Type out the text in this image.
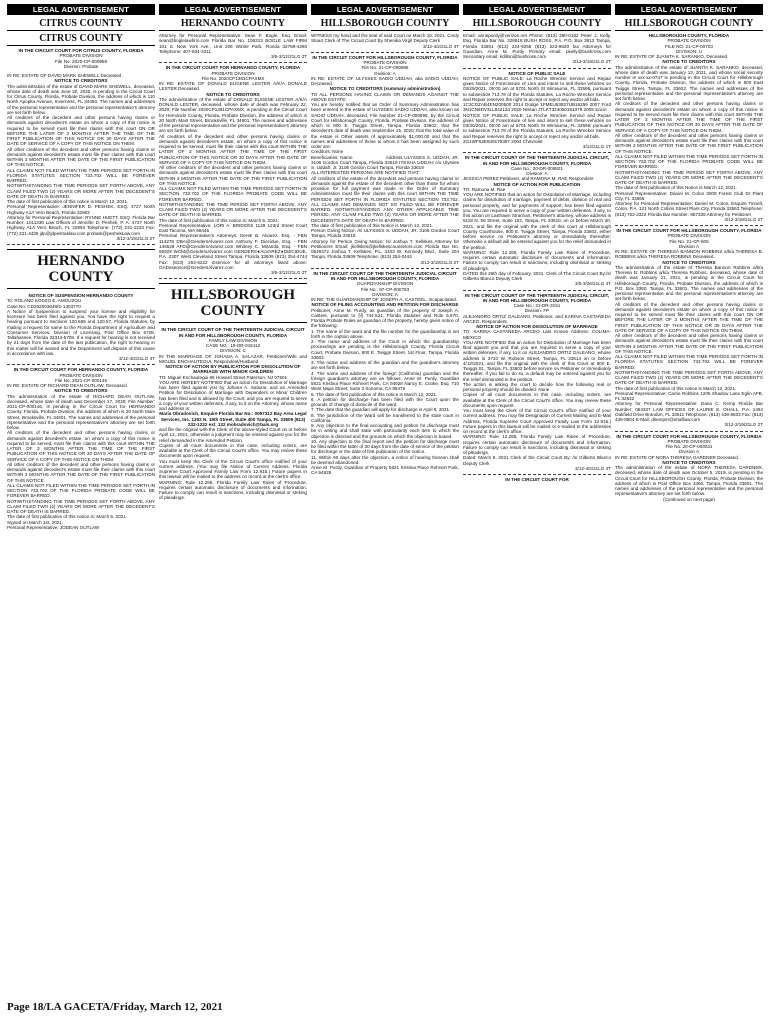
LEGAL ADVERTISEMENT
CITRUS COUNTY
CITRUS COUNTY
IN THE CIRCUIT COURT FOR CITRUS COUNTY, FLORIDA
PROBATE DIVISION
File No. 2020-CP-000958
Division: Probate
IN RE: ESTATE OF DAVID MARK SHEWELL Deceased.
NOTICE TO CREDITORS
The administration of the estate of DAVID MARK SHEWELL, deceased, whose date of death was June 30, 2020, is pending in the Circuit Court for Citrus County, Florida, Probate Division, the address of which is 110 North Apopka Avenue, Inverness, FL 34450. The names and addresses of the personal representative and the personal representative's attorney are set forth below.
All creditors of the decedent and other persons having claims or demands against decedent's estate on whom a copy of this notice is required to be served must file their claims with this court ON OR BEFORE THE LATER OF 3 MONTHS AFTER THE TIME OF THE FIRST PUBLICATION OF THIS NOTICE OR 30 DAYS AFTER THE DATE OF SERVICE OF A COPY OF THIS NOTICE ON THEM.
All other creditors of the decedent and other persons having claims or demands against decedent's estate must file their claims with this court WITHIN 3 MONTHS AFTER THE DATE OF THE FIRST PUBLICATION OF THIS NOTICE.
ALL CLAIMS NOT FILED WITHIN THE TIME PERIODS SET FORTH IN FLORIDA STATUTES SECTION 733.702 WILL BE FOREVER BARRED.
NOTWITHSTANDING THE TIME PERIODS SET FORTH ABOVE, ANY CLAIM FILED TWO (2) YEARS OR MORE AFTER THE DECEDENT'S DATE OF DEATH IS BARRED.
The date of first publication of this notice is March 12, 2021.
Personal Representative: JENNIFER D. PESHEK, ESQ. 4727 North Highway A1A Vero Beach, Florida 32963
Attorney for Personal Representative: RYNNE HUETT, ESQ. Florida Bar Number: 1011330 Law Offices of Jennifer D. Peshek, P. A. 4727 North Highway A1A Vero Beach, FL 32963 Telephone: (772) 231-1233 Fax: (772) 231-4435 jdp@jdpeshaklaw.com probate@peshekLaw.com
3/12-3/19/21LG 2T
HERNANDO COUNTY
NOTICE OF SUSPENSION HERNANDO COUNTY
To: ROLAND KODZO E. AMOUZOU
Case No: CD202003648/D 1403770
A Notice of Suspension to suspend your license and eligibility for licensure has been filed against you. You have the right to request a hearing pursuant to Sections 120.569 and 120.57, Florida Statutes, by mailing a request for same to the Florida Department of Agriculture and Consumer Services, Division of Licensing, Post Office Box 5708, Tallahassee, Florida 32314-5708. If a request for hearing is not received by 21 days from the date of the last publication, the right to hearing in this matter will be waived and the Department will dispose of this cause in accordance with law.
3/12-4/2/21LG 4T
IN THE CIRCUIT COURT FOR HERNANDO COUNTY, FLORIDA
PROBATE DIVISION
File No. 2021-CP-000146
IN RE: ESTATE OF RICHARD DEAN OUTLAW, Deceased.
NOTICE TO CREDITORS
The administration of the estate of RICHARD DEAN OUTLAW, deceased, whose date of death was December 17, 2020; File Number: 2021-CP-000146, is pending in the Circuit Court for HERNANDO County, Florida, Probate Division, the address of which is 20 North Main Street, Brooksville, FL 34601. The names and addresses of the personal representative and the personal representative's attorney are set forth below.
All creditors of the decedent and other persons having claims or demands against decedent's estate, on whom a copy of this notice is required to be served, must file their claims with this court WITHIN THE LATER OF 3 MONTHS AFTER THE TIME OF THE FIRST PUBLICATION OF THIS NOTICE OR 30 DAYS AFTER THE DATE OF SERVICE OF A COPY OF THIS NOTICE ON THEM.
All other creditors of the decedent and other persons having claims or demands against decedent's estate must file their claims with this court WITHIN 3 MONTHS AFTER THE DATE OF THE FIRST PUBLICATION OF THIS NOTICE.
ALL CLAIMS NOT FILED WITHIN THE TIME PERIODS SET FORTH IN SECTION 733.702 OF THE FLORIDA PROBATE CODE WILL BE FOREVER BARRED.
NOTWITHSTANDING THE TIME PERIODS SET FORTH ABOVE, ANY CLAIM FILED TWO (2) YEARS OR MORE AFTER THE DECEDENT'S DATE OF DEATH IS BARRED.
The date of first publication of this notice is: March 5, 2021.
Signed on March 1st, 2021.
Personal Representative: JODEAN OUTLAW
LEGAL ADVERTISEMENT
HERNANDO COUNTY
Attorney for Personal Representative: Sean F. Bogle, Esq. Email: sean@boglelawfirm.com Florida Bar No. 106313 BOGLE LAW FIRM 101 S. New York Ave., Unit 205 Winter Park, Florida 32789-4290 Telephone: 407-834-3311
3/5-3/12/21LG 2T
IN THE CIRCUIT COURT FOR HERNANDO COUNTY, FLORIDA
PROBATE DIVISION
File No. 2020CP1381CPAXMX
IN RE: ESTATE OF DONALD EUGENE LESTER A/K/A DONALD LESTER Deceased.
NOTICE TO CREDITORS
The administration of the estate of DONALD EUGENE LESTER A/K/A DONALD LESTER, deceased, whose date of death was February 22, 2020; File Number 2020CP1381CPAXMX, is pending in the Circuit Court for Hernando County, Florida, Probate Division, the address of which is 20 North Main Street, Brooksville, FL 34601. The names and addresses of the personal representative and the personal representative's attorney are set forth below.
All creditors of the decedent and other persons having claims or demands against decedent's estate, on whom a copy of this notice is required to be served, must file their claims with this court WITHIN THE LATER OF 3 MONTHS AFTER THE TIME OF THE FIRST PUBLICATION OF THIS NOTICE OR 30 DAYS AFTER THE DATE OF SERVICE OF A COPY OF THIS NOTICE ON THEM.
All other creditors of the decedent and other persons having claims or demands against decedent's estate must file their claims with this court WITHIN 3 MONTHS AFTER THE DATE OF THE FIRST PUBLICATION OF THIS NOTICE.
ALL CLAIMS NOT FILED WITHIN THE TIME PERIODS SET FORTH IN SECTION 733.702 OF THE FLORIDA PROBATE CODE WILL BE FOREVER BARRED.
NOTWITHSTANDING THE TIME PERIOD SET FORTH ABOVE, ANY CLAIM FILED TWO (2) YEARS OR MORE AFTER THE DECEDENT'S DATE OF DEATH IS BARRED.
The date of first publication of this notice is: March 5, 2021.
Personal Representative: LORI A. BRIDGES 1129 123rd Street Court East Tacoma, WA 98445
Personal Representative's Attorneys: Derek B. Alvarez, Esq. - FBN 114278 DBA@GendersAlvarez.com Anthony F. Diecidue, Esq. - FBN 146528 AFD@GendersAlvarez.com Whitney C. Miranda, Esq. - FBN 65928 WCM@GendersAlvarez.com GENDERS♦ALVAREZ♦DIECIDUE, P.A. 2307 West Cleveland Street Tampa, Florida 33609 (813) 254-4744  Fax: (813) 254-5222 Eservice for all attorneys listed above: GADeservice@GendersAlvarez.com
3/5-3/12/21LG 2T
HILLSBOROUGH COUNTY
IN THE CIRCUIT COURT OF THE THIRTEENTH JUDICIAL CIRCUIT IN AND FOR HILLSBOROUGH COUNTY, FLORIDA
FAMILY LAW DIVISION
CASE NO.: 19-DR-016112
DIVISION: C
IN THE MARRIAGE OF JOHANA A. SALAZAR, Petitioner/Wife and MIGUEL ENCHAUTEGUI, Respondent/Husband.
NOTICE OF ACTION BY PUBLICATION FOR DISSOLUTION OF MARRIAGE WITH MINOR CHILDREN
TO: Miguel Enchautegui 65 Howard Street Paterson, NJ 07501
YOU ARE HEREBY NOTIFIED that an action for Dissolution of Marriage has been filed against you by Johana A. Salazar, and an Amended Petition for Dissolution of Marriage with Dependent or Minor Children has been filed and is allowed by the Court, and you are required to serve a copy of your written defenses, if any, to it on the Attorney, whose name and address is:
Maria Obradovich, Esquire Florida Bar No.: 0097312 Bay Area Legal Services, Inc. 1302 N. 19th Street, Suite 400 Tampa, FL 33605 (813) 232-1222 ext. 132 mobradovich@bals.org
and file the original with the Clerk of the above-styled Court on or before April 12, 2021, otherwise a judgment may be entered against you for the relief demanded in the Amended Petition.
Copies of all court documents in this case, including orders, are available at the Clerk of the Circuit Court's office. You may review these documents upon request.
You must keep the Clerk of the Circuit Court's office notified of your current address. (You may file Notice of Current Address, Florida Supreme Court Approved Family Law Form 12.915.) Future papers in this lawsuit will be mailed to the address on record at the clerk's office.
WARNING: Rule 12.285, Florida Family Law Rules of Procedure, requires certain automatic disclosure of documents and information. Failure to comply can result in sanctions, including dismissal or striking of pleadings.
LEGAL ADVERTISEMENT
HILLSBOROUGH COUNTY
WITNESS my hand and the seal of said Court on March 10, 2021. Cindy Stuart Clerk of The Circuit Court By Shenika Virgil Deputy Clerk
3/12-4/2/21LG 4T
IN THE CIRCUIT COURT FOR HILLSBOROUGH COUNTY, FLORIDA
PROBATE DIVISION
File No. 21-CP-000695
Division: A
IN RE: ESTATE OF ULYSSES SADIO UDDAH, aka SADIO UDDAH, Deceased.
NOTICE TO CREDITORS (summary administration)
TO ALL PERSONS HAVING CLAIMS OR DEMANDS AGAINST THE ABOVE ESTATE:
You are hereby notified that an Order of Summary Administration has been entered in the estate of ULYSSES SADIO UDDAH, also known as SADIO UDDAH, deceased, File Number 21-CP-000695, by the Circuit Court for Hillsborough County, Florida, Probate Division, the address of which is 800 E. Twiggs Street, Tampa, Florida 33602; that the decedent's date of death was September 15, 2020; that the total value of the estate is Other assets of approximately $1,000.00 and that the names and addresses of those to whom it has been assigned by such order are:
Creditors: None
Beneficiaries: Name                    Address ULYSSES S. UDDAH, JR. 3106 Gordon Court Tampa, Florida 33619 IYESHA UDDAH c/o Ulysses S. Uddah, Jr. 3106 Gordon Court Tampa, Florida 33619
ALL INTERESTED PERSONS ARE NOTIFIED THAT:
All creditors of the estate of the decedent and persons having claims or demands against the estate of the decedent other than those for whom provision for full payment was made in the Order of Summary Administration must file their claims with this court WITHIN THE TIME PERIODS SET FORTH IN FLORIDA STATUTES SECTION 733.702. ALL CLAIMS AND DEMANDS NOT SO FILED WILL BE FOREVER BARRED. NOTWITHSTANDING ANY OTHER APPLICABLE TIME PERIOD, ANY CLAIM FILED TWO (2) YEARS OR MORE AFTER THE DECEDENT'S DATE OF DEATH IS BARRED.
The date of first publication of this Notice is March 12, 2021.
Person Giving Notice: /s/ ULYSSES S. UDDAH, JR. 3106 Gordon Court Tampa, Florida 33619
Attorney for Person Giving Notice: /s/ Joshua T. Kellskes Attorney for Petitioners Email: jkellskes@jkellskescounselors.com Florida Bar No. 0548472 Joshua T. Kellskes, P.L. 3333 W. Kennedy Blvd., Suite 204 Tampa, Florida 33609 Telephone: (813) 254-0444
3/12-3/19/21LG 2T
IN THE CIRCUIT COURT OF THE THIRTEENTH JUDICIAL CIRCUIT IN AND FOR HILLSBOROUGH COUNTY, FLORIDA
GUARDIANSHIP DIVISION
File No.: 97-CP-000783
DIVISION: A
IN RE: THE GUARDIANSHIP OF JOSEPH A. CASTEEL, Incapacitated.
NOTICE OF FILING ACCOUNTING AND PETITION FOR DISCHARGE
Petitioner, Anne M. Purdy, as guardian of the property of Joseph A. Casteel, pursuant to §§ 744.524, Florida Statutes and Rule 5.670, Florida Probate Rules as guardian of the property, hereby gives notice of the following:
1. The name of the ward and the file number for the guardianship is set forth in the caption above.
2. The name and address of the Court in which the guardianship proceedings are pending is the Hillsborough County, Florida Circuit Court, Probate Division, 800 E. Twiggs Street, 1st Floor, Tampa, Florida 33602.
3. The name and address of the guardian and the guardian's attorney are set forth below.
4. The name and address of the foreign (California) guardian and the foreign guardian's attorney are as follows: Anne M. Purdy, Guardian 5821 Kristina Place Rohnert Park, CA 94928 Nancy E. Cooke, Esq. 710 West Napa Street, Suite 3 Sonoma, CA 95476
5. The date of first publication of this notice is March 12, 2021.
6. A petition for discharge has been filed with the Court upon the grounds of change of domicile of the ward.
7. The date that the guardian will apply for discharge is April 8, 2021.
8. The jurisdiction of the Ward will be transferred to the state court in California.
9. Any objection to the final accounting and petition for discharge must be in writing and shall state with particularity each item to which the objection is directed and the grounds on which the objection is based.
10. Any objection to the final report and the petition for discharge must be filed within the latter of 30 days from the date of service of the petition for discharge or the date of first publication of the notice.
11. Within 90 days after the objection, a notice of hearing thereon shall be deemed abandoned.
Anne M. Purdy, Guardian of Property 5821 Kristina Place Rohnert Park, CA 94928
LEGAL ADVERTISEMENT
HILLSBOROUGH COUNTY
Email: annepurdy@verizon.net Phone: (813) 390-0162 Peter J. Kelly, Esq. Florida Bar No. 328618 BUSH ROSS, P.A. P.O. Box 3913 Tampa, Florida 33601 (813) 224-9255 (813) 223-9620 fax Attorneys for Guardian, Anne M. Purdy Primary email: pkelly@bushross.com Secondary email: kdillon@bushross.com
3/12-3/19/21LG 2T
NOTICE OF PUBLIC SALE
NOTICE OF PUBLIC SALE: La Roche Wrecker Service and Repair gives Notice of Foreclosure of Lien and intent to sell these vehicles on 03/29/2021, 09:00 am at 5701 North St Wimauma, FL 33598, pursuant to subsection 713.78 of the Florida Statutes. La Roche Wrecker Service and Repair reserves the right to accept or reject any and/or all bids.
1C3CDZAB4EN200500 2014 Dodge 1FMEU63827UB16256 2007 Ford 3N1CN8DV3LL842134 2020 Nissan JTLKT324050181379 2005 Scion
NOTICE OF PUBLIC SALE: La Roche Wrecker Service and Repair gives Notice of Foreclosure of lien and intent to sell these vehicles on 03/30/2021, 09:00 am at 5701 North St Wimauma, FL 33598, pursuant to subsection 713.78 of the Florida Statutes. La Roche Wrecker Service and Repair reserves the right to accept or reject any and/or all bids.
2G1WF52E849178367 2004 Chevrolet
3/12/21LG 1T
IN THE CIRCUIT COURT OF THE THIRTEENTH JUDICIAL CIRCUIT, IN AND FOR HILLSBOROUGH COUNTY, FLORIDA
Case No.: 20-DR-005821
Division: A
JESSICA PEREZ Petitioner, and RAMONA M. RAE Respondent
NOTICE OF ACTION FOR PUBLICATION
TO: Ramona M. Rae
YOU ARE NOTIFIED that an action for Dissolution of Marriage, including claims for dissolution of marriage, payment of debts, division of real and personal property, and for payments of support, has been filed against you. You are required to serve a copy of your written defenses, if any, to this action on LaShawn Strachan, Petitioner's attorney, whose address is 5118 N. 56 Street, Suite 102, Tampa, FL 33610, on or before March 30, 2021, and file the original with the clerk of this court at Hillsborough County Courthouse, 800 E. Twiggs Street, Tampa, Florida 33602, either before service on Petitioner's attorney or immediately thereafter; otherwise a default will be entered against you for the relief demanded in the petition.
WARNING: Rule 12.285, Florida Family Law Rules of Procedure, requires certain automatic disclosure of documents and information. Failure to comply can result in sanctions, including dismissal or striking of pleadings.
DATED this 26th day of February, 2021. Clerk of The Circuit Court By:/s/ Gilberto Blanco Deputy Clerk
3/5-3/26/21LG 4T
IN THE CIRCUIT COURT OF THE THIRTEENTH JUDICIAL CIRCUIT, IN AND FOR HILLSBOROUGH COUNTY, FLORIDA
Case No.: 21-DR-3151
Division: FP
ALEJANDRO ORTIZ GALEANO, Petitioner, and KARINA CASTAÑEDA ARCEO, Respondent.
NOTICE OF ACTION FOR DISSOLUTION OF MARRIAGE
TO: KARINA CASTAÑEDA ARCEO Last Known Address: COLIMA-MEXICO
YOU ARE NOTIFIED that an action for Dissolution of Marriage has been filed against you and that you are required to serve a copy of your written defenses, if any, to it on ALEJANDRO ORTIZ GALEANO, whose address is 3710 W. Robson Street, Tampa, FL 33614 on or before 4/12/2021, and file the original with the clerk of this Court at 800 E. Twiggs St., Tampa, FL 33602 before service on Petitioner or immediately thereafter. If you fail to do so, a default may be entered against you for the relief demanded in the petition.
The action is asking the court to decide how the following real or personal property should be divided: None
Copies of all court documents in this case, including orders, are available at the Clerk of the Circuit Court's office. You may review these documents upon request.
You must keep the Clerk of the Circuit Court's office notified of your current address. (You may file Designation of Current Mailing and E-Mail Address, Florida Supreme Court Approved Family Law Form 12.915.) Future papers in this lawsuit will be mailed or e-mailed to the addresses on record at the clerk's office.
WARNING: Rule 12.285, Florida Family Law Rules of Procedure, requires certain automatic disclosure of documents and information. Failure to comply can result in sanctions, including dismissal or striking of pleadings.
Dated: March 9, 2021 Clerk of the Circuit Court By: /s/ Gilberto Blanco Deputy Clerk
3/12-4/2/21LG 4T
IN THE CIRCUIT COURT FOR
LEGAL ADVERTISEMENT
HILLSBOROUGH COUNTY
HILLSBOROUGH COUNTY, FLORIDA
PROBATE DIVISION
FILE NO. 21-CP-00703
DIVISION: U
IN RE: ESTATE OF JUANITA K. SARANKO, Deceased.
NOTICE TO CREDITORS
The administration of the estate of JUANITA K. SARANKO, deceased, whose date of death was January 13, 2021, and whose social security number is xxx-xx-0747 is pending in the Circuit Court for Hillsborough County, Florida, Probate Division, the address of which is 800 East Twiggs Street, Tampa, FL 33602. The names and addresses of the personal representative and the personal representative's attorney are set forth below.
All creditors of the decedent and other persons having claims or demands against decedent's estate on whom a copy of this notice is required to be served must file their claims with this court WITHIN THE LATER OF 3 MONTHS AFTER THE TIME OF THE FIRST PUBLICATION OF THIS NOTICE OR 30 DAYS AFTER THE DATE OF SERVICE OF A COPY OF THIS NOTICE ON THEM.
All other creditors of the decedent and other persons having claims or demands against decedent's estate must file their claims with this court WITHIN 3 MONTHS AFTER THE DATE OF THE FIRST PUBLICATION OF THIS NOTICE.
ALL CLAIMS NOT FILED WITHIN THE TIME PERIODS SET FORTH IN SECTION 733.702 OF THE FLORIDA PROBATE CODE WILL BE FOREVER BARRED.
NOTWITHSTANDING THE TIME PERIOD SET FORTH ABOVE, ANY CLAIM FILED TWO (2) YEARS OR MORE AFTER THE DECEDENT'S DATE OF DEATH IS BARRED.
The date of first publication of this Notice is March 12, 2021.
Personal Representative: Daniel M. Colon 3009 Forest Club Dr Plant City, FL 33566
Attorney for Personal Representative: Daniel M. Colon, Esquire Tinnell, Colon, P.A. 121 North Collins Street Plant City, Florida 33563 Telephone: (813) 752-3322 Florida Bar Number: 857335 Attorney for Petitioner
3/12-3/19/21LG 2T
IN THE CIRCUIT COURT FOR HILLSBOROUGH COUNTY, FLORIDA
PROBATE DIVISION
File No. 21-CP-606
Division A
IN RE: ESTATE OF THERESA BANNON ROBBINS a/k/a THERESA B. ROBBINS a/k/a THERESA ROBBINS Deceased.
NOTICE TO CREDITORS
The administration of the estate of Theresa Bannon Robbins a/k/a Theresa B. Robbins a/k/a Theresa Robbins, deceased, whose date of death was January 21, 2021, is pending in the Circuit Court for Hillsborough County, Florida, Probate Division, the address of which is P.O. Box 3360, Tampa, FL 33601. The names and addresses of the personal representative and the personal representative's attorney are set forth below.
All creditors of the decedent and other persons having claims or demands against decedent's estate on whom a copy of this notice is required to be served must file their claims with this court ON OR BEFORE THE LATER OF 3 MONTHS AFTER THE TIME OF THE FIRST PUBLICATION OF THIS NOTICE OR 30 DAYS AFTER THE DATE OF SERVICE OF A COPY OF THIS NOTICE ON THEM.
All other creditors of the decedent and other persons having claims or demands against decedent's estate must file their claims with this court WITHIN 3 MONTHS AFTER THE DATE OF THE FIRST PUBLICATION OF THIS NOTICE.
ALL CLAIMS NOT FILED WITHIN THE TIME PERIODS SET FORTH IN FLORIDA STATUTES SECTION 733.702 WILL BE FOREVER BARRED.
NOTWITHSTANDING THE TIME PERIODS SET FORTH ABOVE, ANY CLAIM FILED TWO (2) YEARS OR MORE AFTER THE DECEDENT'S DATE OF DEATH IS BARRED.
The date of first publication of this notice is March 12, 2021.
Personal Representative: Carrie Robbins 1205 Shadow Lane Eglin AFB, FL 32542
Attorney for Personal Representative: Dana C. Kemp Florida Bar Number: 064337 LAW OFFICES OF LAURIE E. OHALL, P.A. 1464 Oakfield Drive Brandon, FL 33511 Telephone: (813) 438-8503 Fax: (813) 438-8504 E-Mail: dkemper@ohalllaw.com
3/12-3/19/21LG 2T
IN THE CIRCUIT COURT FOR HILLSBOROUGH COUNTY, FLORIDA
PROBATE DIVISION
File No. 20-CP-003031
Division A
IN RE: ESTATE OF NORA THERESA GARDNER Deceased.
NOTICE TO CREDITORS
The administration of the estate of NORA THERESA GARDNER, deceased, whose date of death was October 5, 2019, is pending in the Circuit Court for HILLSBOROUGH County, Florida, Probate Division, the address of which is Post Office Box 3360, Tampa, Florida 33601. The names and addresses of the personal representative and the personal representative's attorney are set forth below.
(Continued on next page)
Page 18/LA GACETA/Friday, March 12, 2021
